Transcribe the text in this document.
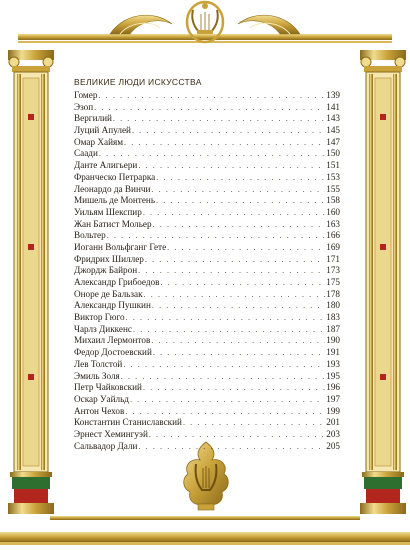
ВЕЛИКИЕ ЛЮДИ ИСКУССТВА
Гомер . . .	139
Эзоп . . .	141
Вергилий . . .	143
Луций Апулей . . .	145
Омар Хайям . . .	147
Саади . . .	150
Данте Алигьери . . .	151
Франческо Петрарка . . .	153
Леонардо да Винчи . . .	155
Мишель де Монтень . . .	158
Уильям Шекспир . . .	160
Жан Батист Мольер . . .	163
Вольтер . . .	166
Иоганн Вольфганг Гете . . .	169
Фридрих Шиллер . . .	171
Джордж Байрон . . .	173
Александр Грибоедов . . .	175
Оноре де Бальзак . . .	178
Александр Пушкин . . .	180
Виктор Гюго . . .	183
Чарлз Диккенс . . .	187
Михаил Лермонтов . . .	190
Федор Достоевский . . .	191
Лев Толстой . . .	193
Эмиль Золя . . .	195
Петр Чайковский . . .	196
Оскар Уайльд . . .	197
Антон Чехов . . .	199
Константин Станиславский . . .	201
Эрнест Хемингуэй . . .	203
Сальвадор Дали . . .	205
